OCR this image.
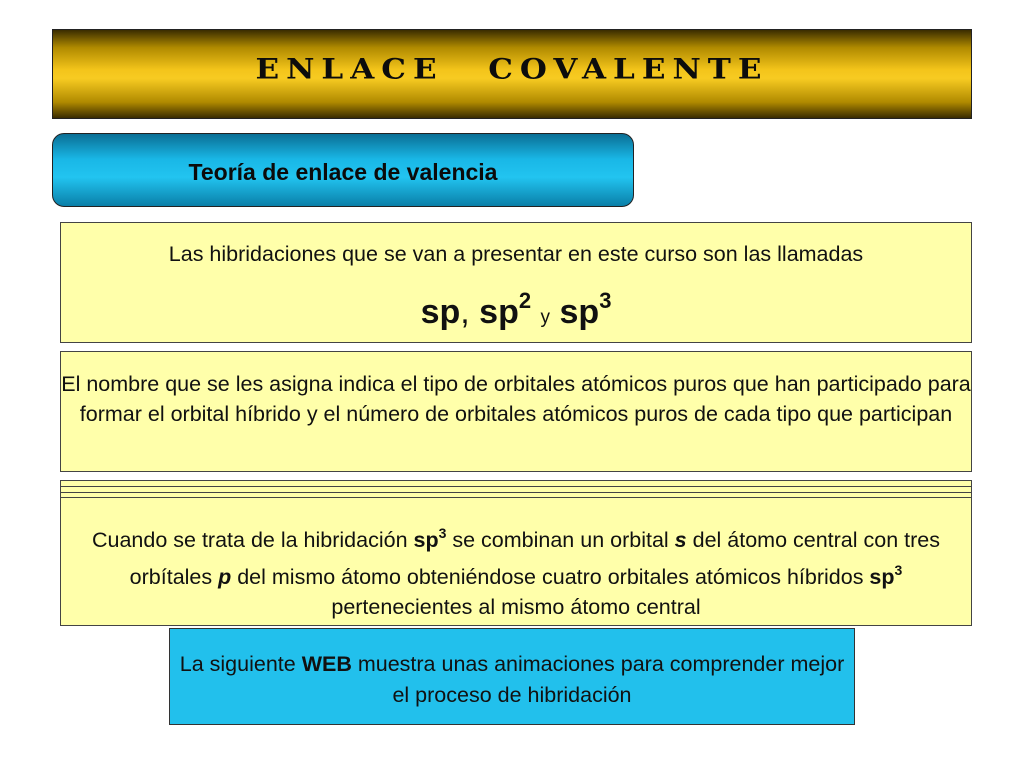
enlace  covalente
Teoría de enlace de valencia
Las hibridaciones que se van a presentar en este curso son las llamadas
sp, $sp^2$ y $sp^3$
El nombre que se les asigna indica el tipo de orbitales atómicos puros que han participado para formar el orbital híbrido y el número de orbitales atómicos puros de cada tipo que participan
Cuando se trata de la hibridación $sp^3$ se combinan un orbital s del átomo central con tres orbítales p del mismo átomo obteniéndose cuatro orbitales atómicos híbridos $sp^3$ pertenecientes al mismo átomo central
La siguiente WEB muestra unas animaciones para comprender mejor el proceso de hibridación
